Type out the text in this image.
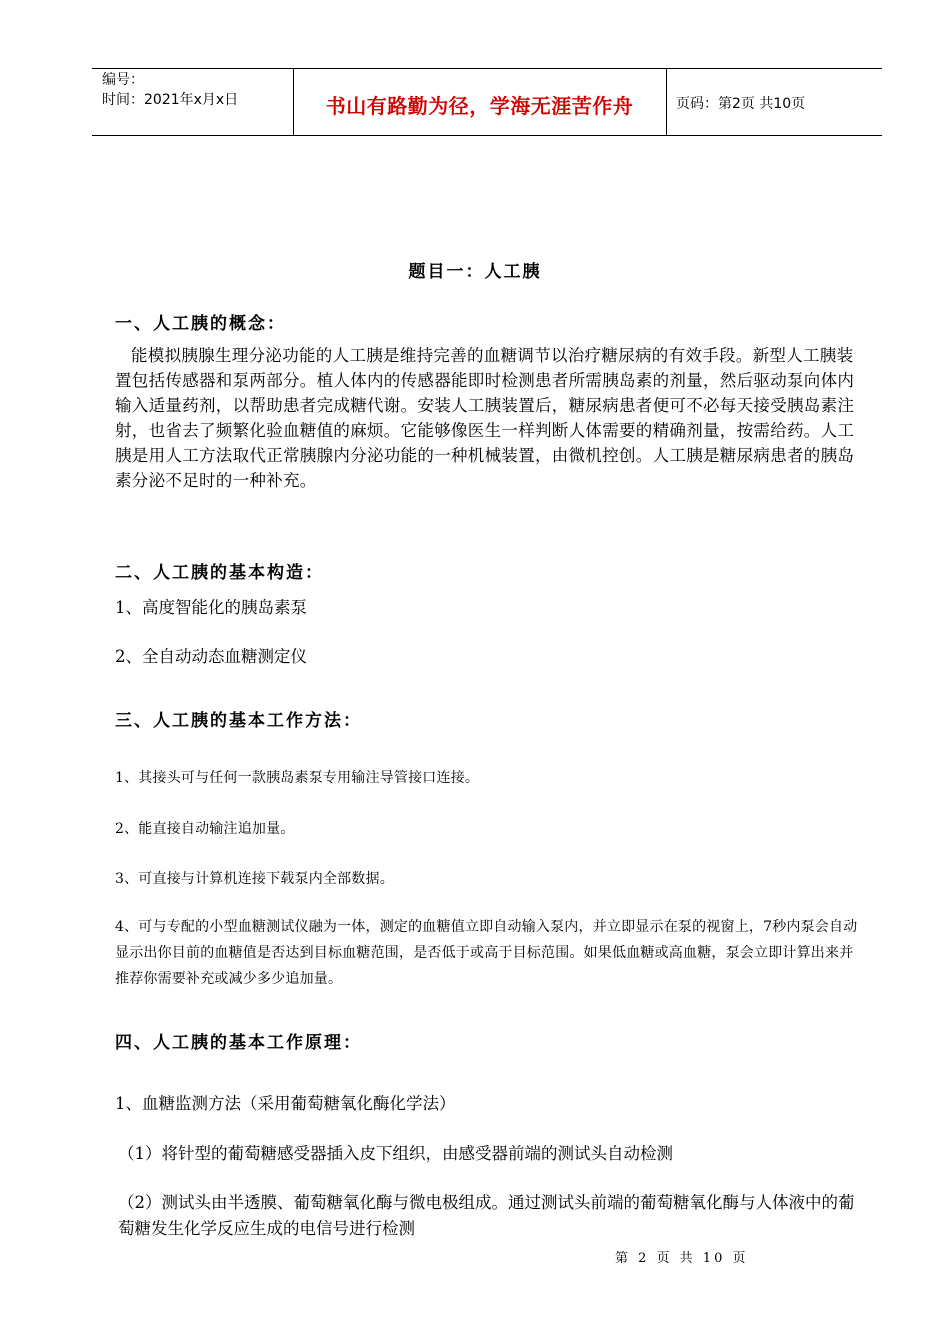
编号：
时间：2021年x月x日	书山有路勤为径，学海无涯苦作舟	页码：第2页 共10页
题目一：人工胰
一、人工胰的概念：
能模拟胰腺生理分泌功能的人工胰是维持完善的血糖调节以治疗糖尿病的有效手段。新型人工胰装置包括传感器和泵两部分。植人体内的传感器能即时检测患者所需胰岛素的剂量，然后驱动泵向体内输入适量药剂，以帮助患者完成糖代谢。安装人工胰装置后，糖尿病患者便可不必每天接受胰岛素注射，也省去了频繁化验血糖值的麻烦。它能够像医生一样判断人体需要的精确剂量，按需给药。人工胰是用人工方法取代正常胰腺内分泌功能的一种机械装置，由微机控创。人工胰是糖尿病患者的胰岛素分泌不足时的一种补充。
二、人工胰的基本构造：
1、高度智能化的胰岛素泵
2、全自动动态血糖测定仪
三、人工胰的基本工作方法：
1、其接头可与任何一款胰岛素泵专用输注导管接口连接。
2、能直接自动输注追加量。
3、可直接与计算机连接下载泵内全部数据。
4、可与专配的小型血糖测试仪融为一体，测定的血糖值立即自动输入泵内，并立即显示在泵的视窗上，7秒内泵会自动显示出你目前的血糖值是否达到目标血糖范围，是否低于或高于目标范围。如果低血糖或高血糖，泵会立即计算出来并推荐你需要补充或减少多少追加量。
四、人工胰的基本工作原理：
1、血糖监测方法（采用葡萄糖氧化酶化学法）
（1）将针型的葡萄糖感受器插入皮下组织，由感受器前端的测试头自动检测
（2）测试头由半透膜、葡萄糖氧化酶与微电极组成。通过测试头前端的葡萄糖氧化酶与人体液中的葡萄糖发生化学反应生成的电信号进行检测
第 2 页 共 10 页
